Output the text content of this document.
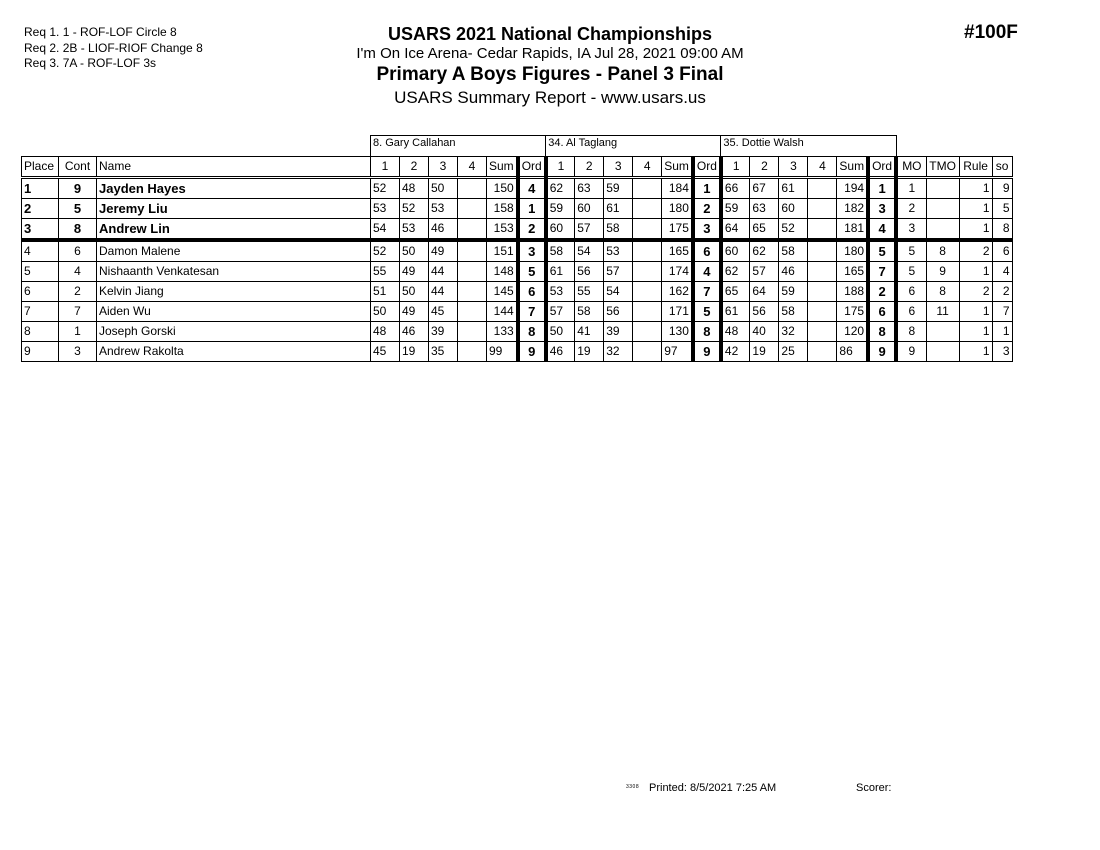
Req 1. 1 - ROF-LOF Circle 8
Req 2. 2B - LIOF-RIOF Change 8
Req 3. 7A - ROF-LOF 3s
USARS 2021 National Championships
I'm On Ice Arena- Cedar Rapids, IA Jul 28, 2021 09:00 AM
Primary A Boys Figures - Panel 3 Final
USARS Summary Report - www.usars.us
#100F
			8. Gary Callahan						34. Al Taglang						35. Dottie Walsh									
Place	Cont	Name	1	2	3	4	Sum	Ord	1	2	3	4	Sum	Ord	1	2	3	4	Sum	Ord	MO	TMO	Rule	so
1	9	Jayden Hayes	52	48	50		150	4	62	63	59		184	1	66	67	61		194	1	1		1	9
2	5	Jeremy Liu	53	52	53		158	1	59	60	61		180	2	59	63	60		182	3	2		1	5
3	8	Andrew Lin	54	53	46		153	2	60	57	58		175	3	64	65	52		181	4	3		1	8
4	6	Damon Malene	52	50	49		151	3	58	54	53		165	6	60	62	58		180	5	5	8	2	6
5	4	Nishaanth Venkatesan	55	49	44		148	5	61	56	57		174	4	62	57	46		165	7	5	9	1	4
6	2	Kelvin Jiang	51	50	44		145	6	53	55	54		162	7	65	64	59		188	2	6	8	2	2
7	7	Aiden Wu	50	49	45		144	7	57	58	56		171	5	61	56	58		175	6	6	11	1	7
8	1	Joseph Gorski	48	46	39		133	8	50	41	39		130	8	48	40	32		120	8	8		1	1
9	3	Andrew Rakolta	45	19	35		99	9	46	19	32		97	9	42	19	25		86	9	9		1	3
3308 Printed: 8/5/2021 7:25 AM	Scorer:
